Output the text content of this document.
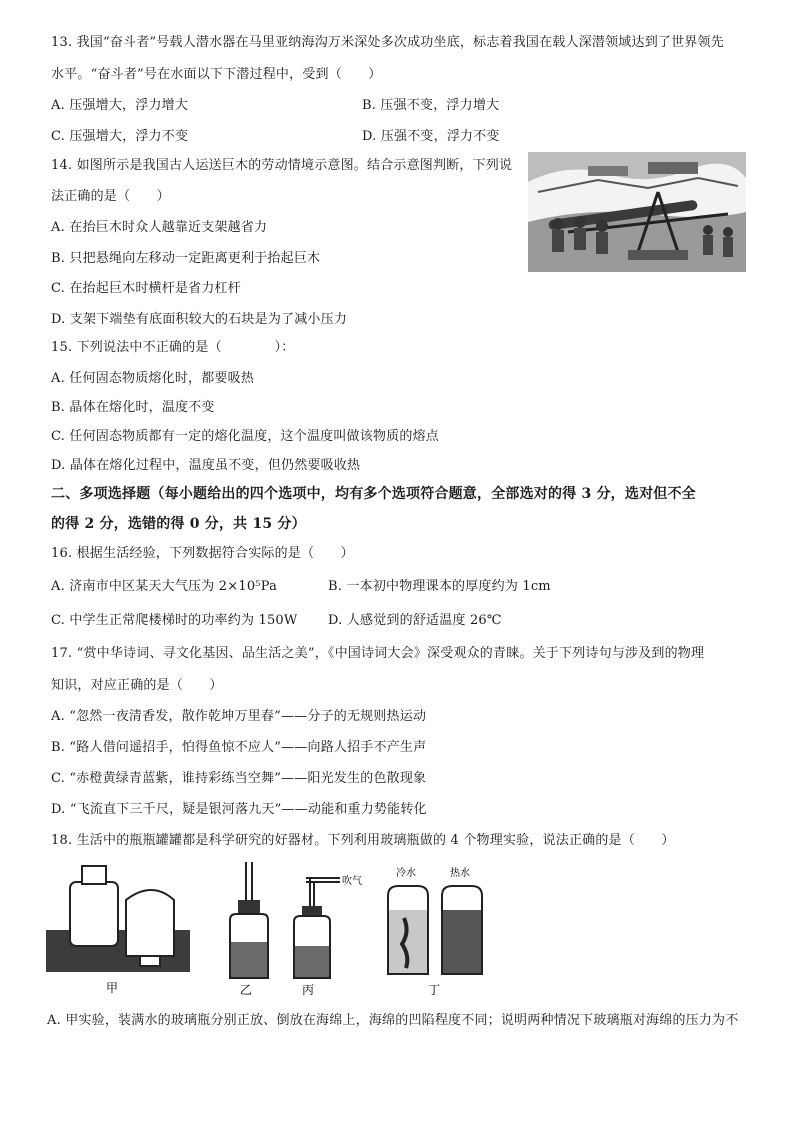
13. 我国“奋斗者”号载人潜水器在马里亚纳海沟万米深处多次成功坐底，标志着我国在载人深潜领域达到了世界领先
水平。“奋斗者”号在水面以下下潜过程中，受到（　　）
A. 压强增大，浮力增大	B. 压强不变，浮力增大
C. 压强增大，浮力不变	D. 压强不变，浮力不变
14. 如图所示是我国古人运送巨木的劳动情境示意图。结合示意图判断，下列说
法正确的是（　　）
A. 在抬巨木时众人越靠近支架越省力
B. 只把悬绳向左移动一定距离更利于抬起巨木
C. 在抬起巨木时横杆是省力杠杆
D. 支架下端垫有底面积较大的石块是为了减小压力
15. 下列说法中不正确的是（　　　　）：
A. 任何固态物质熔化时，都要吸热
B. 晶体在熔化时，温度不变
C. 任何固态物质都有一定的熔化温度，这个温度叫做该物质的熔点
D. 晶体在熔化过程中，温度虽不变，但仍然要吸收热
二、多项选择题（每小题给出的四个选项中，均有多个选项符合题意，全部选对的得 3 分，选对但不全
的得 2 分，选错的得 0 分，共 15 分）
16. 根据生活经验，下列数据符合实际的是（　　）
A. 济南市中区某天大气压为 2×10⁵Pa	B. 一本初中物理课本的厚度约为 1cm
C. 中学生正常爬楼梯时的功率约为 150W D. 人感觉到的舒适温度 26℃
17. “赏中华诗词、寻文化基因、品生活之美”，《中国诗词大会》深受观众的青睐。关于下列诗句与涉及到的物理
知识，对应正确的是（　　）
A. “忽然一夜清香发，散作乾坤万里春”——分子的无规则热运动
B. “路人借问遥招手，怕得鱼惊不应人”——向路人招手不产生声
C. “赤橙黄绿青蓝紫，谁持彩练当空舞”——阳光发生的色散现象
D. “飞流直下三千尺，疑是银河落九天”——动能和重力势能转化
18. 生活中的瓶瓶罐罐都是科学研究的好器材。下列利用玻璃瓶做的 4 个物理实验，说法正确的是（　　）
甲	乙
吹气
丙
冷水	热水
丁
A. 甲实验，装满水的玻璃瓶分别正放、倒放在海绵上，海绵的凹陷程度不同；说明两种情况下玻璃瓶对海绵的压力为不
